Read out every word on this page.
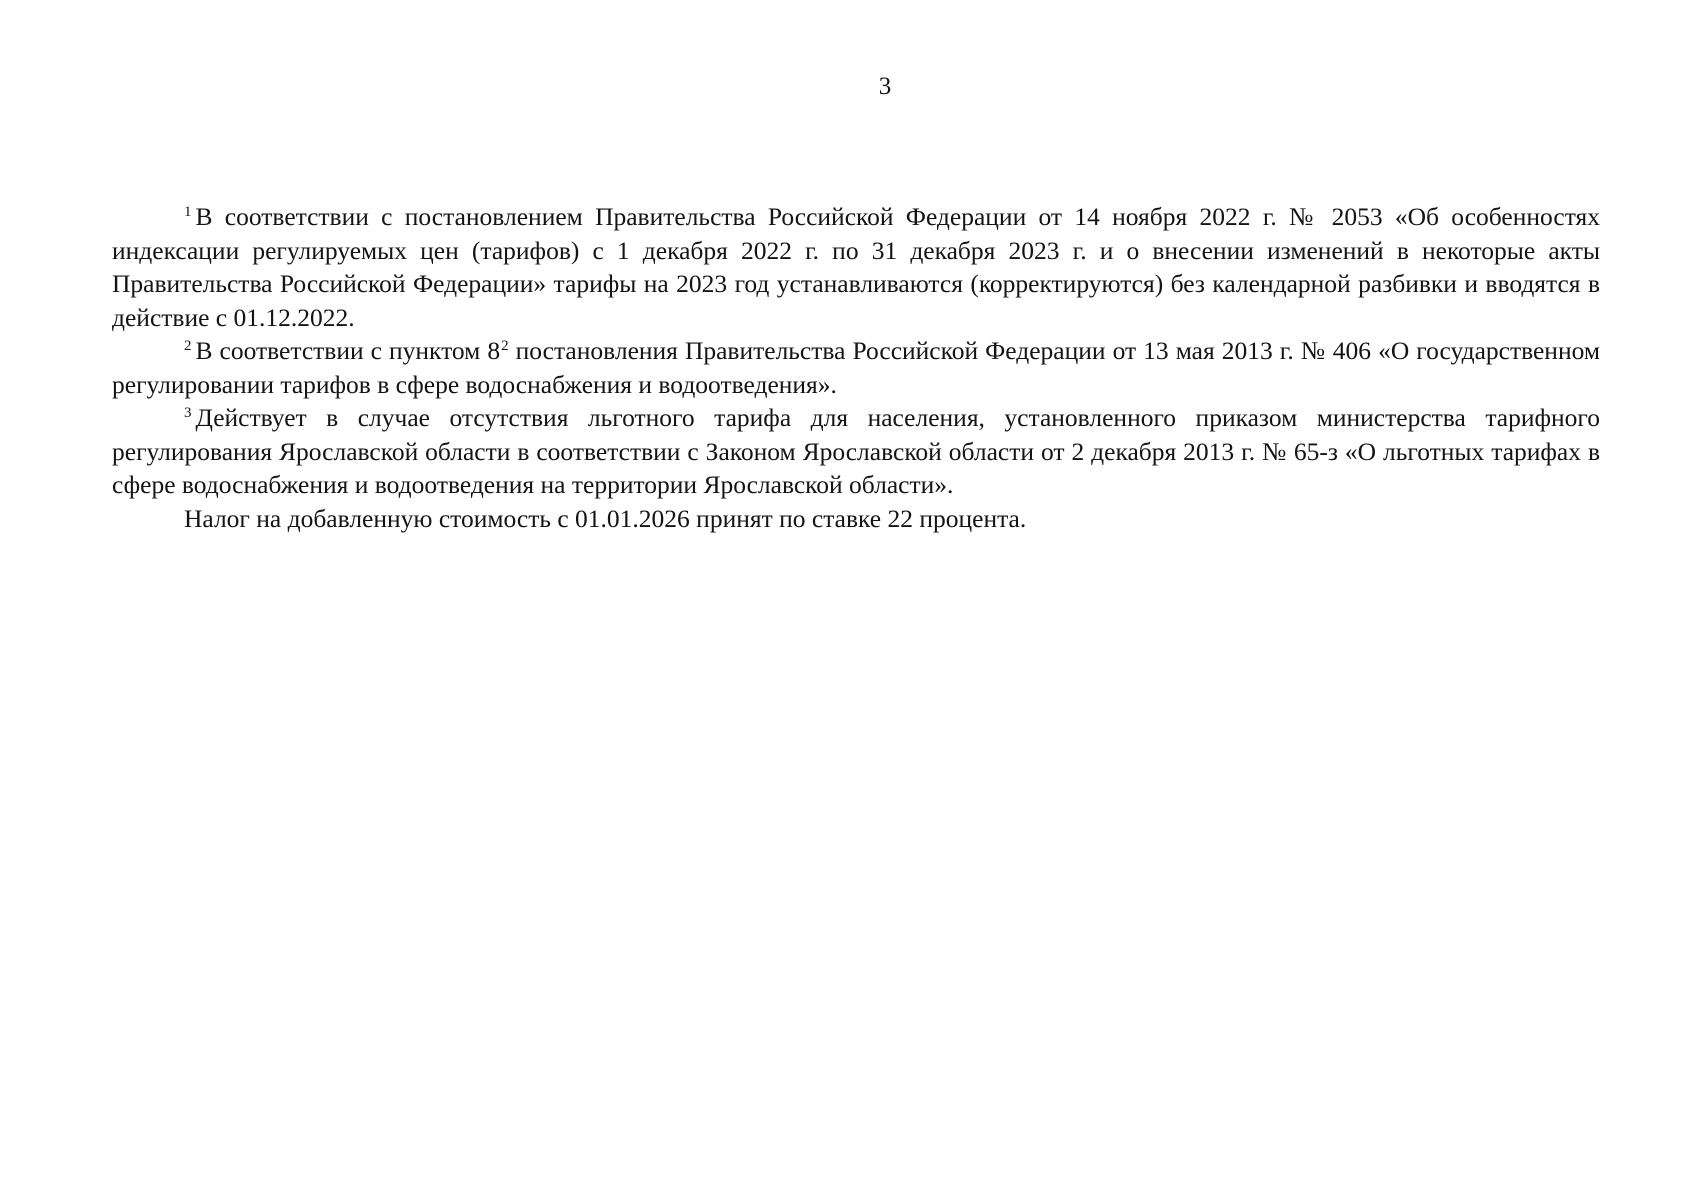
3

$^1$ В соответствии с постановлением Правительства Российской Федерации от 14 ноября 2022 г. № 2053 «Об особенностях индексации регулируемых цен (тарифов) с 1 декабря 2022 г. по 31 декабря 2023 г. и о внесении изменений в некоторые акты Правительства Российской Федерации» тарифы на 2023 год устанавливаются (корректируются) без календарной разбивки и вводятся в действие с 01.12.2022.

$^2$ В соответствии с пунктом $8^2$ постановления Правительства Российской Федерации от 13 мая 2013 г. № 406 «О государственном регулировании тарифов в сфере водоснабжения и водоотведения».

$^3$ Действует в случае отсутствия льготного тарифа для населения, установленного приказом министерства тарифного регулирования Ярославской области в соответствии с Законом Ярославской области от 2 декабря 2013 г. № 65-з «О льготных тарифах в сфере водоснабжения и водоотведения на территории Ярославской области».

Налог на добавленную стоимость с 01.01.2026 принят по ставке 22 процента.
